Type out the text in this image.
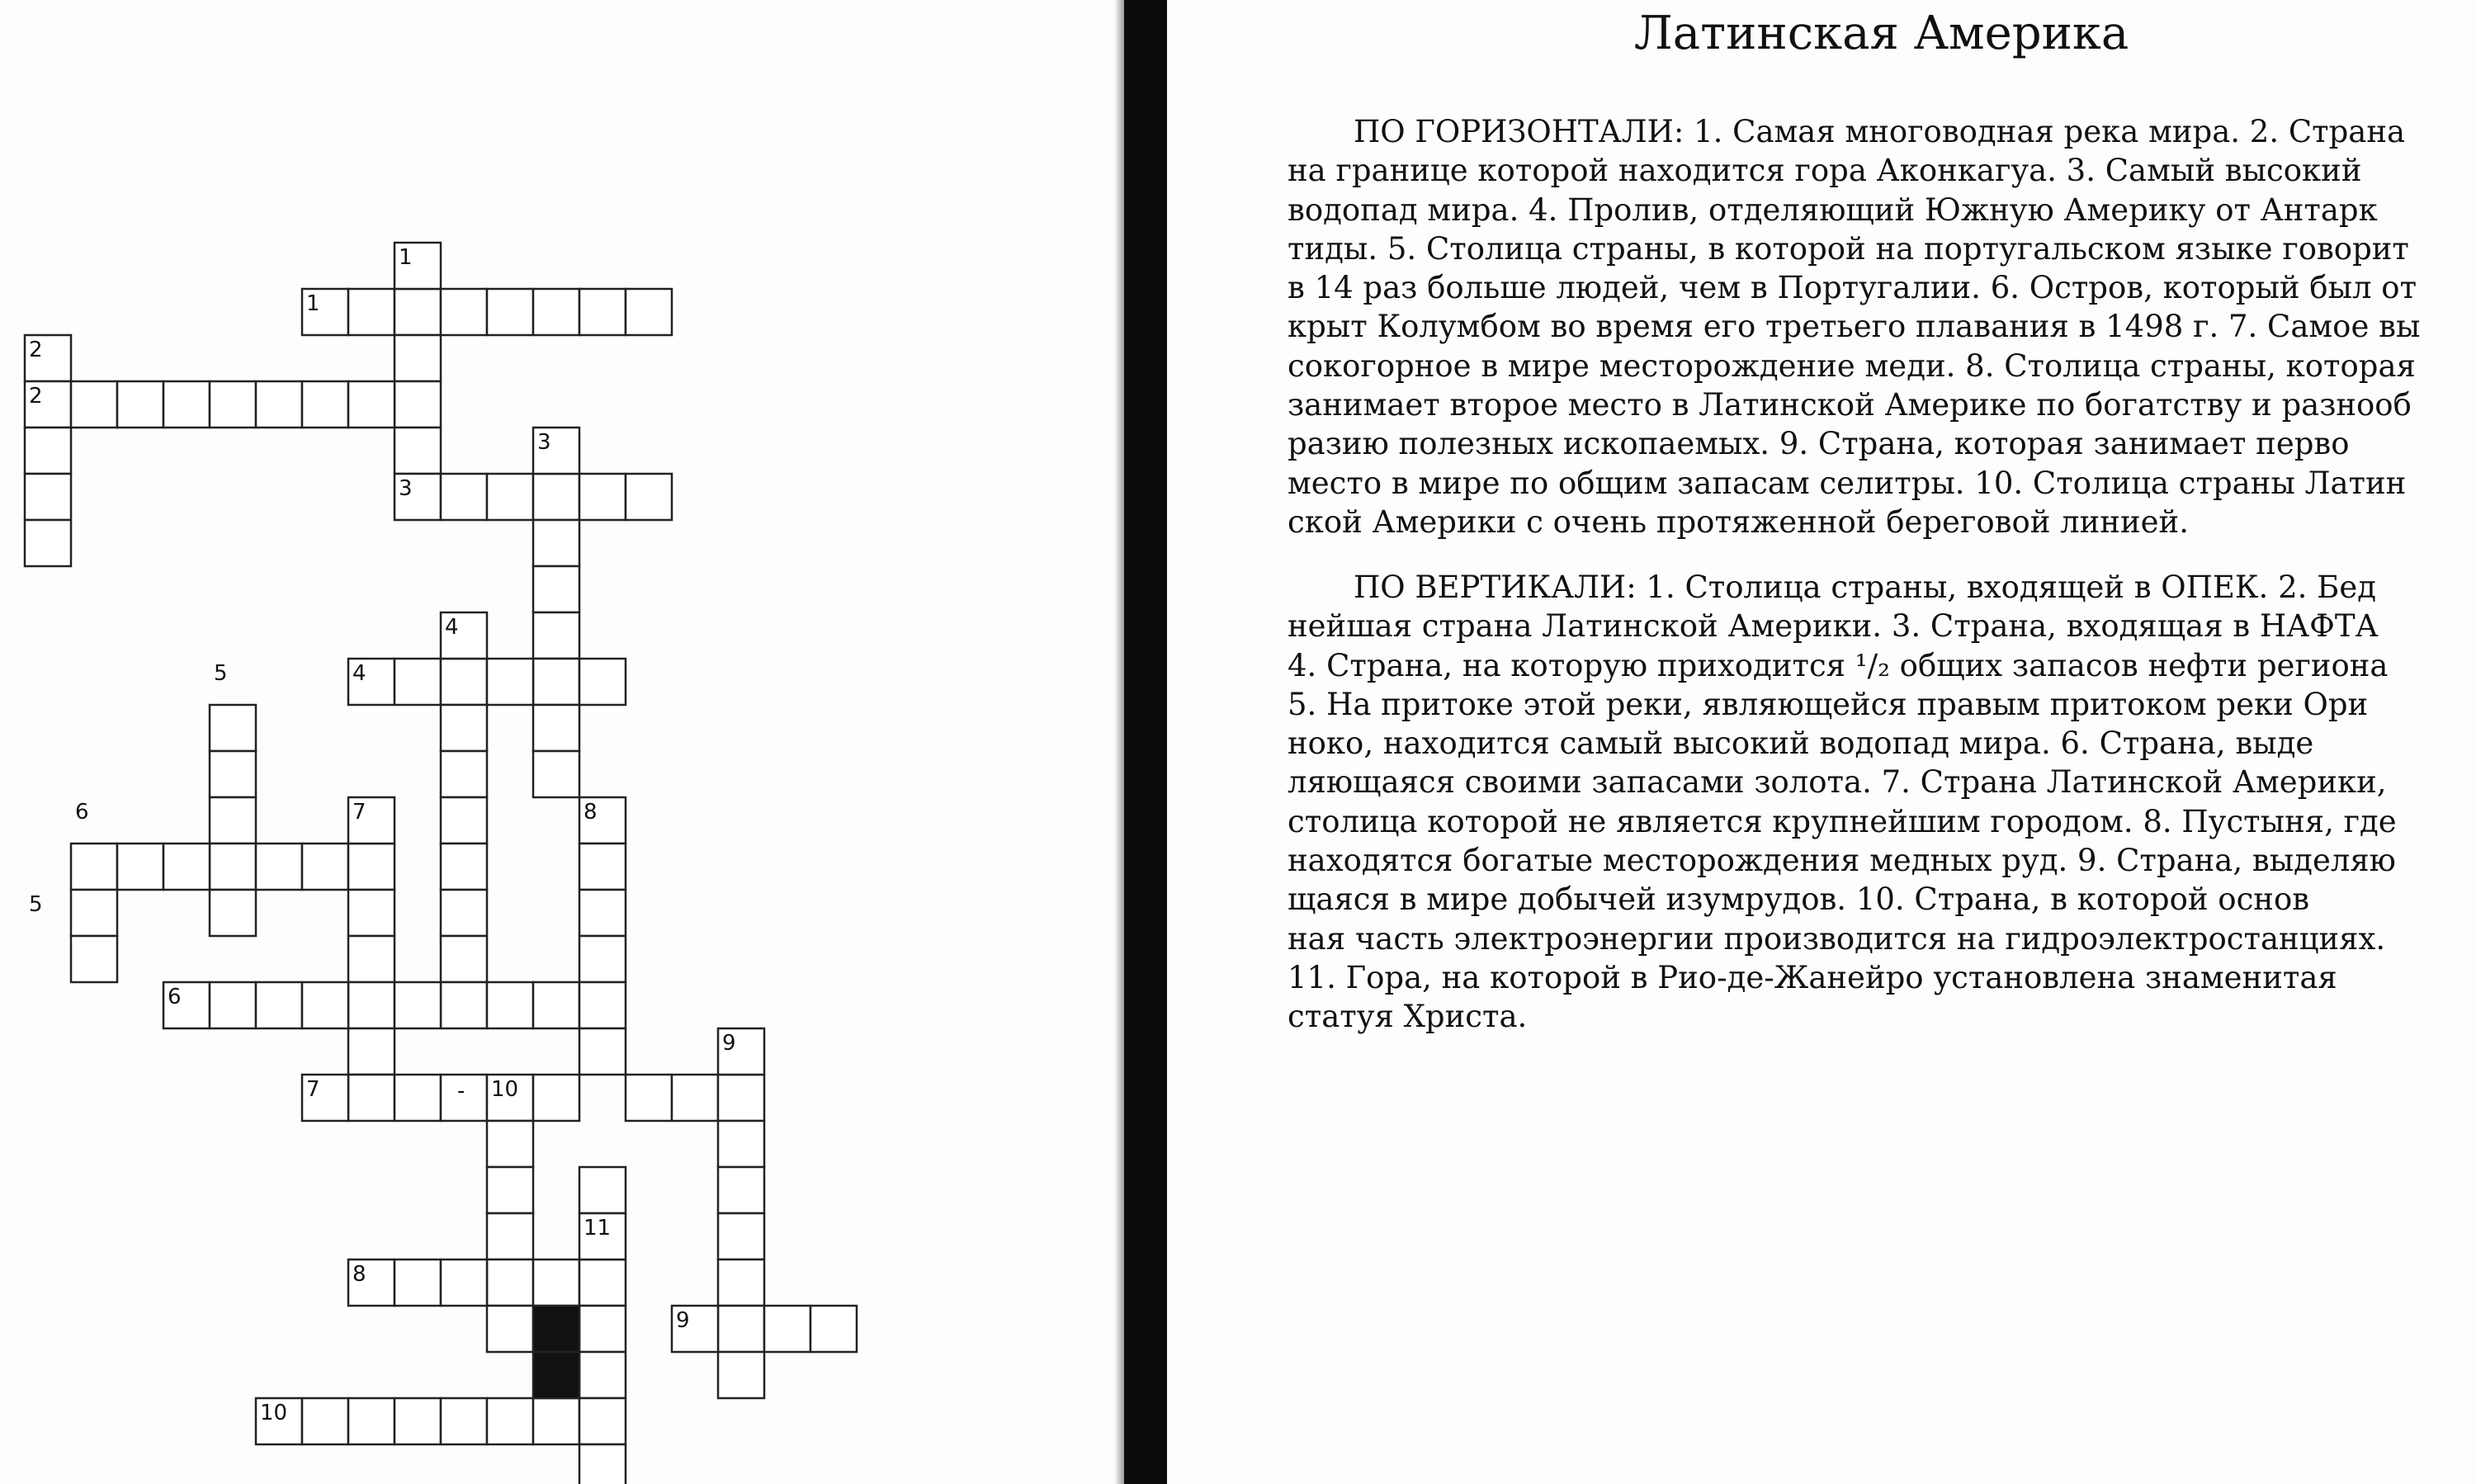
1
1
2
2
3
3
4
4
5
6	7	8
5
6
9
7	10
11
8
9
10
-
Латинская Америка
ПО ГОРИЗОНТАЛИ: 1. Самая многоводная река мира. 2. Страна
на границе которой находится гора Аконкагуа. 3. Самый высокий
водопад мира. 4. Пролив, отделяющий Южную Америку от Антарк
тиды. 5. Столица страны, в которой на португальском языке говорит
в 14 раз больше людей, чем в Португалии. 6. Остров, который был от
крыт Колумбом во время его третьего плавания в 1498 г. 7. Самое вы
сокогорное в мире месторождение меди. 8. Столица страны, которая
занимает второе место в Латинской Америке по богатству и разнооб
разию полезных ископаемых. 9. Страна, которая занимает перво
место в мире по общим запасам селитры. 10. Столица страны Латин
ской Америки с очень протяженной береговой линией.
ПО ВЕРТИКАЛИ: 1. Столица страны, входящей в ОПЕК. 2. Бед
нейшая страна Латинской Америки. 3. Страна, входящая в НАФТА
4. Страна, на которую приходится ¹/₂ общих запасов нефти региона
5. На притоке этой реки, являющейся правым притоком реки Ори
ноко, находится самый высокий водопад мира. 6. Страна, выде
ляющаяся своими запасами золота. 7. Страна Латинской Америки,
столица которой не является крупнейшим городом. 8. Пустыня, где
находятся богатые месторождения медных руд. 9. Страна, выделяю
щаяся в мире добычей изумрудов. 10. Страна, в которой основ
ная часть электроэнергии производится на гидроэлектростанциях.
11. Гора, на которой в Рио-де-Жанейро установлена знаменитая
статуя Христа.
